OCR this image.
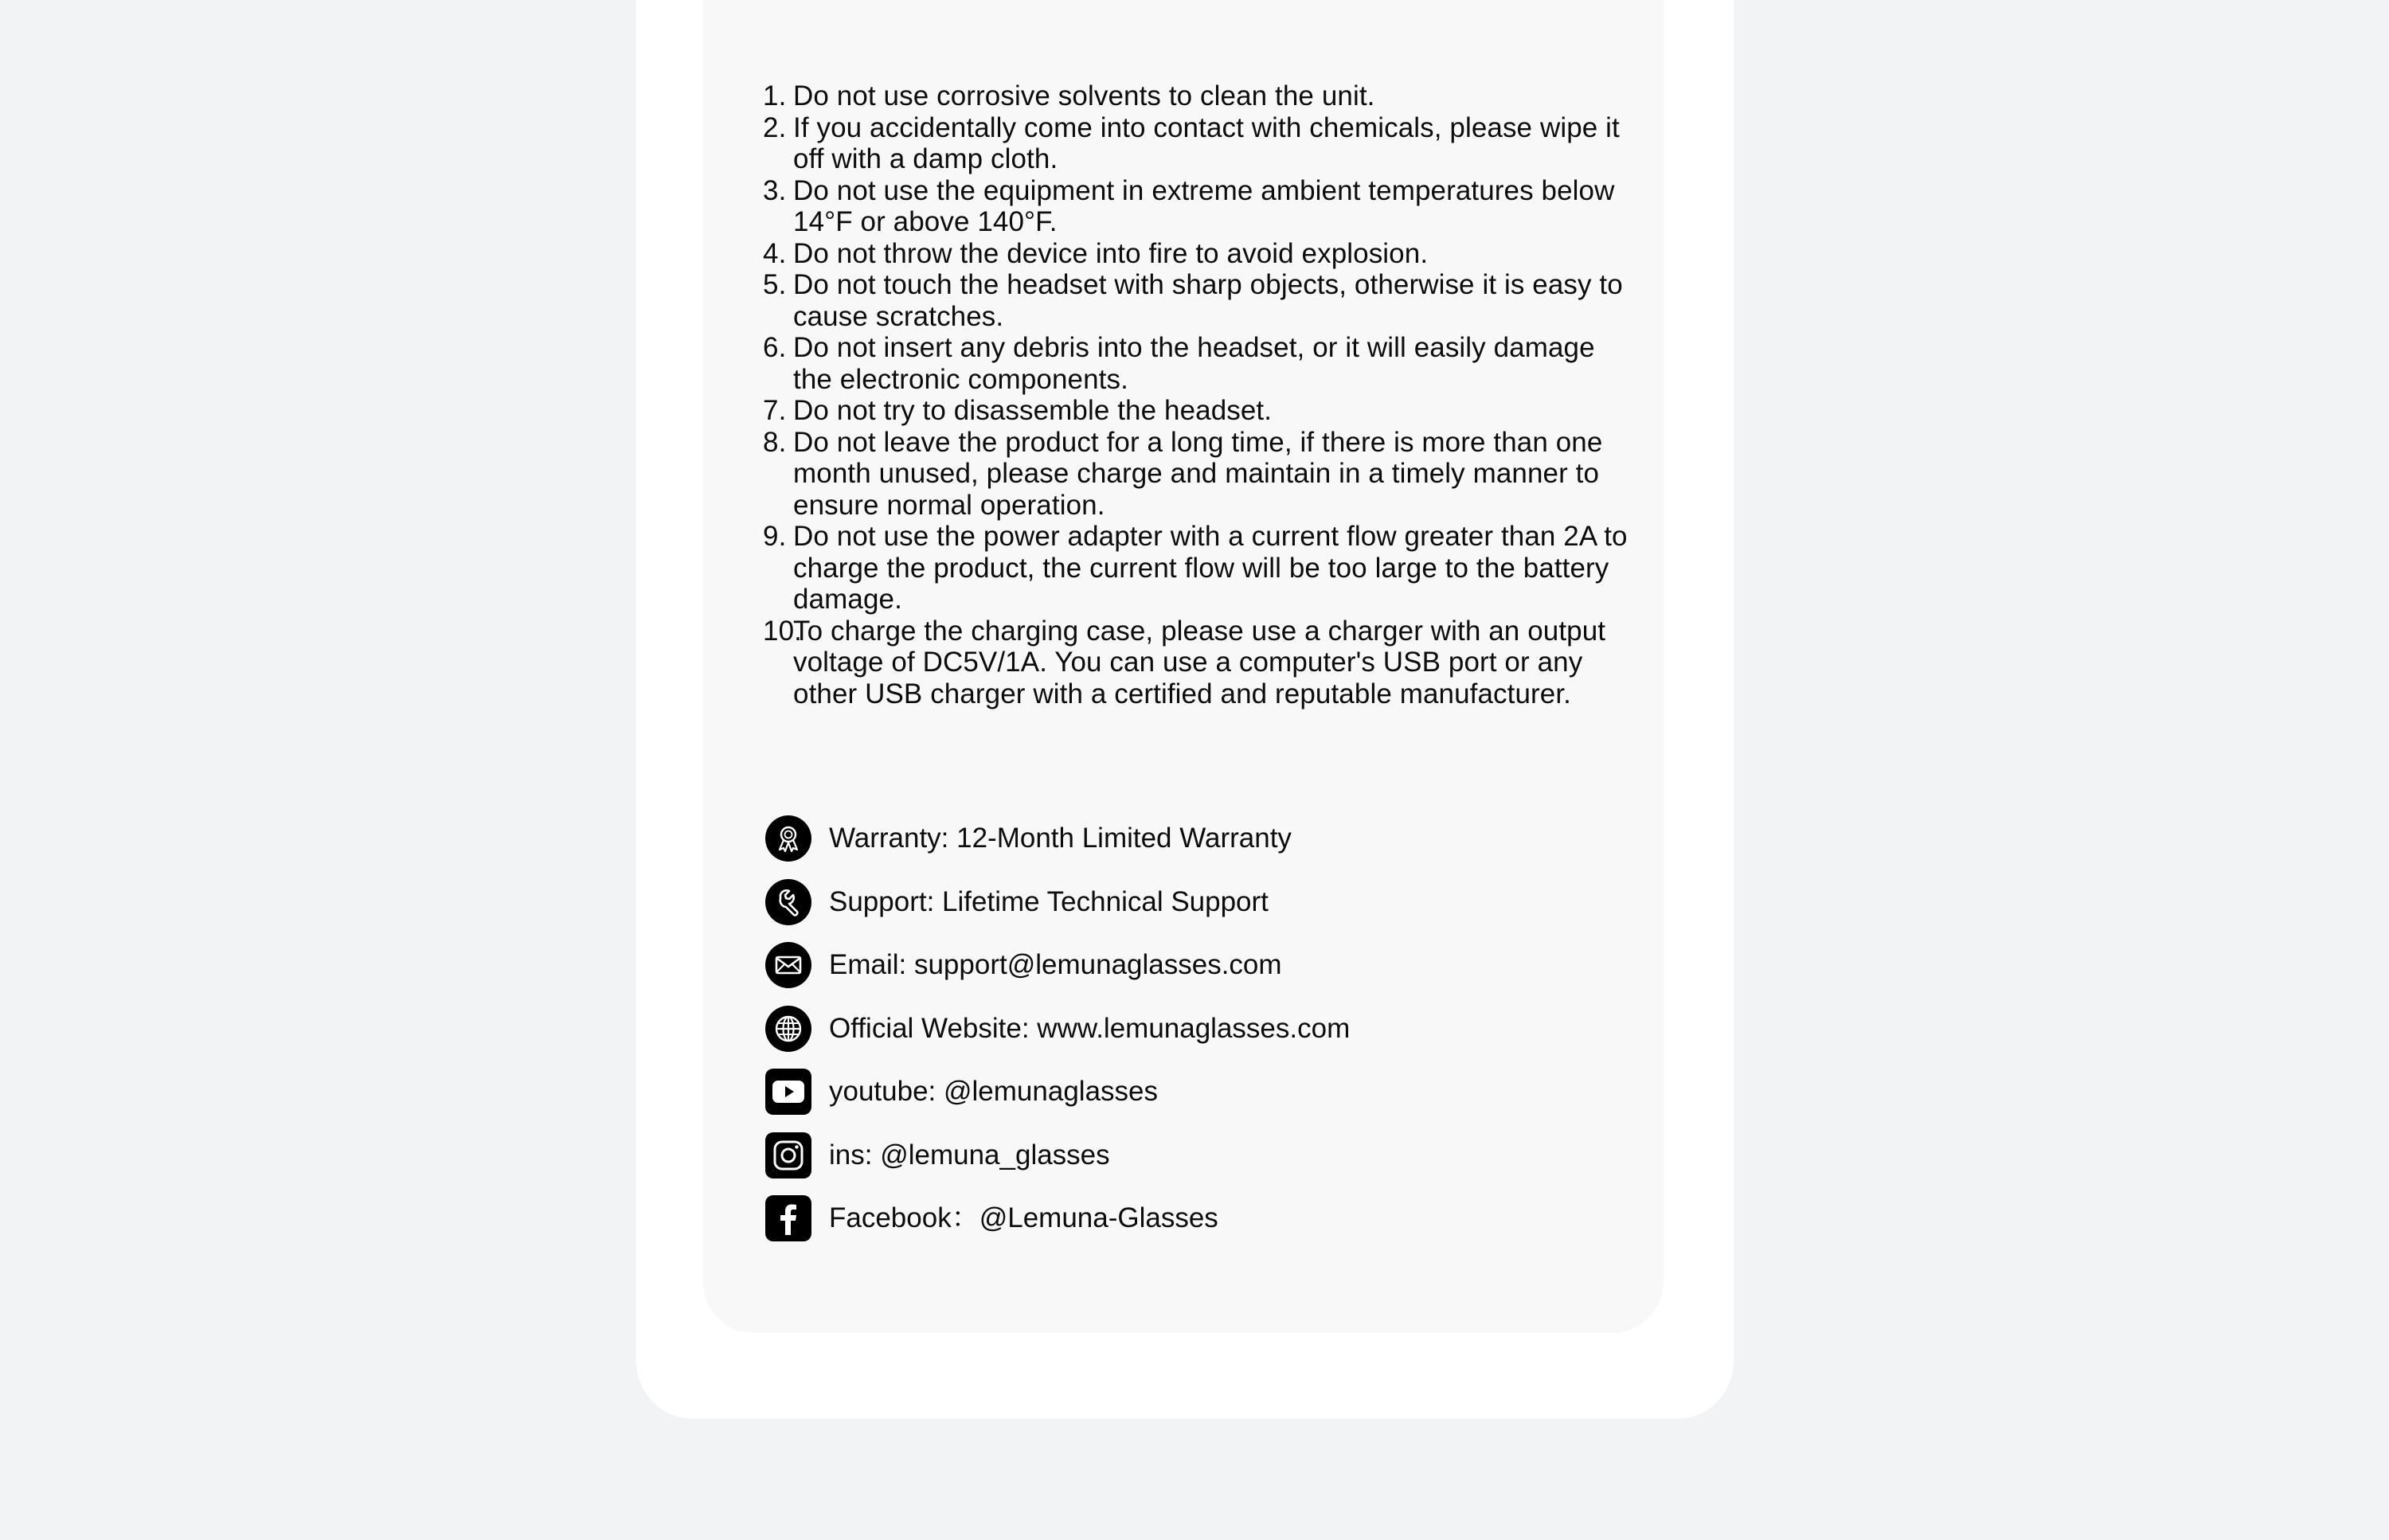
1. Do not use corrosive solvents to clean the unit.
2. If you accidentally come into contact with chemicals, please wipe it off with a damp cloth.
3. Do not use the equipment in extreme ambient temperatures below 14°F or above 140°F.
4. Do not throw the device into fire to avoid explosion.
5. Do not touch the headset with sharp objects, otherwise it is easy to cause scratches.
6. Do not insert any debris into the headset, or it will easily damage the electronic components.
7. Do not try to disassemble the headset.
8. Do not leave the product for a long time, if there is more than one month unused, please charge and maintain in a timely manner to ensure normal operation.
9. Do not use the power adapter with a current flow greater than 2A to charge the product, the current flow will be too large to the battery damage.
10.
To charge the charging case, please use a charger with an output voltage of DC5V/1A. You can use a computer's USB port or any other USB charger with a certified and reputable manufacturer.
Warranty: 12-Month Limited Warranty
Support: Lifetime Technical Support
Email: support@lemunaglasses.com
Official Website: www.lemunaglasses.com
youtube: @lemunaglasses
ins: @lemuna_glasses
Facebook：@Lemuna-Glasses
